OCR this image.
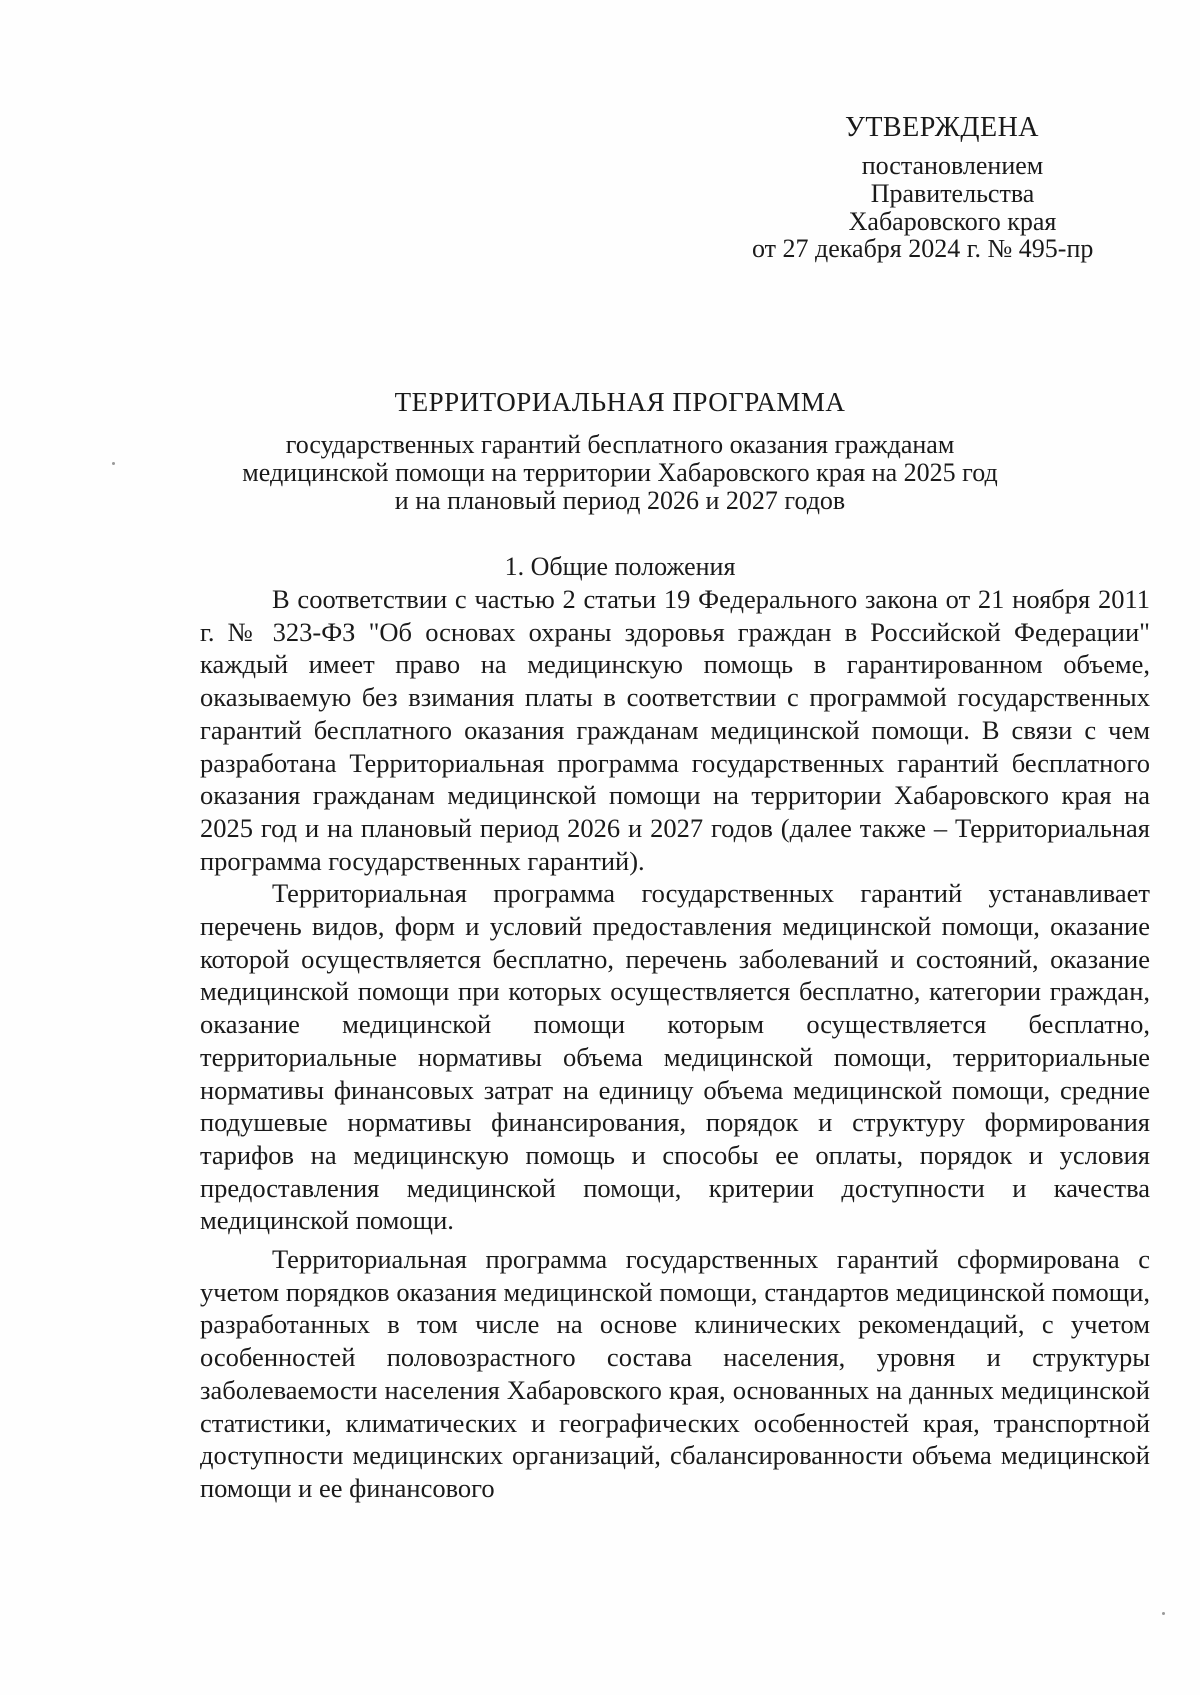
УТВЕРЖДЕНА
постановлением
Правительства
Хабаровского края
от 27 декабря 2024 г. № 495-пр
ТЕРРИТОРИАЛЬНАЯ ПРОГРАММА
государственных гарантий бесплатного оказания гражданам
медицинской помощи на территории Хабаровского края на 2025 год
и на плановый период 2026 и 2027 годов
1. Общие положения

В соответствии с частью 2 статьи 19 Федерального закона от 21 ноября 2011 г. № 323-ФЗ "Об основах охраны здоровья граждан в Российской Федерации" каждый имеет право на медицинскую помощь в гарантированном объеме, оказываемую без взимания платы в соответствии с программой государственных гарантий бесплатного оказания гражданам медицинской помощи. В связи с чем разработана Территориальная программа государственных гарантий бесплатного оказания гражданам медицинской помощи на территории Хабаровского края на 2025 год и на плановый период 2026 и 2027 годов (далее также – Территориальная программа государственных гарантий).

Территориальная программа государственных гарантий устанавливает перечень видов, форм и условий предоставления медицинской помощи, оказание которой осуществляется бесплатно, перечень заболеваний и состояний, оказание медицинской помощи при которых осуществляется бесплатно, категории граждан, оказание медицинской помощи которым осуществляется бесплатно, территориальные нормативы объема медицинской помощи, территориальные нормативы финансовых затрат на единицу объема медицинской помощи, средние подушевые нормативы финансирования, порядок и структуру формирования тарифов на медицинскую помощь и способы ее оплаты, порядок и условия предоставления медицинской помощи, критерии доступности и качества медицинской помощи.

Территориальная программа государственных гарантий сформирована с учетом порядков оказания медицинской помощи, стандартов медицинской помощи, разработанных в том числе на основе клинических рекомендаций, с учетом особенностей половозрастного состава населения, уровня и структуры заболеваемости населения Хабаровского края, основанных на данных медицинской статистики, климатических и географических особенностей края, транспортной доступности медицинских организаций, сбалансированности объема медицинской помощи и ее финансового
